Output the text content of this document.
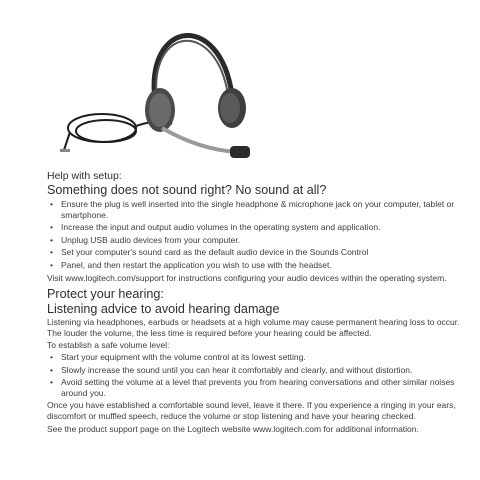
Help with setup:

Something does not sound right? No sound at all?

• Ensure the plug is well inserted into the single headphone & microphone jack on your computer, tablet or smartphone.
• Increase the input and output audio volumes in the operating system and application.
• Unplug USB audio devices from your computer.
• Set your computer's sound card as the default audio device in the Sounds Control
• Panel, and then restart the application you wish to use with the headset.

Visit www.logitech.com/support for instructions configuring your audio devices within the operating system.

Protect your hearing:

Listening advice to avoid hearing damage

Listening via headphones, earbuds or headsets at a high volume may cause permanent hearing loss to occur. The louder the volume, the less time is required before your hearing could be affected.

To establish a safe volume level:

• Start your equipment with the volume control at its lowest setting.
• Slowly increase the sound until you can hear it comfortably and clearly, and without distortion.
• Avoid setting the volume at a level that prevents you from hearing conversations and other similar noises around you.

Once you have established a comfortable sound level, leave it there. If you experience a ringing in your ears, discomfort or muffled speech, reduce the volume or stop listening and have your hearing checked.

See the product support page on the Logitech website www.logitech.com for additional information.
